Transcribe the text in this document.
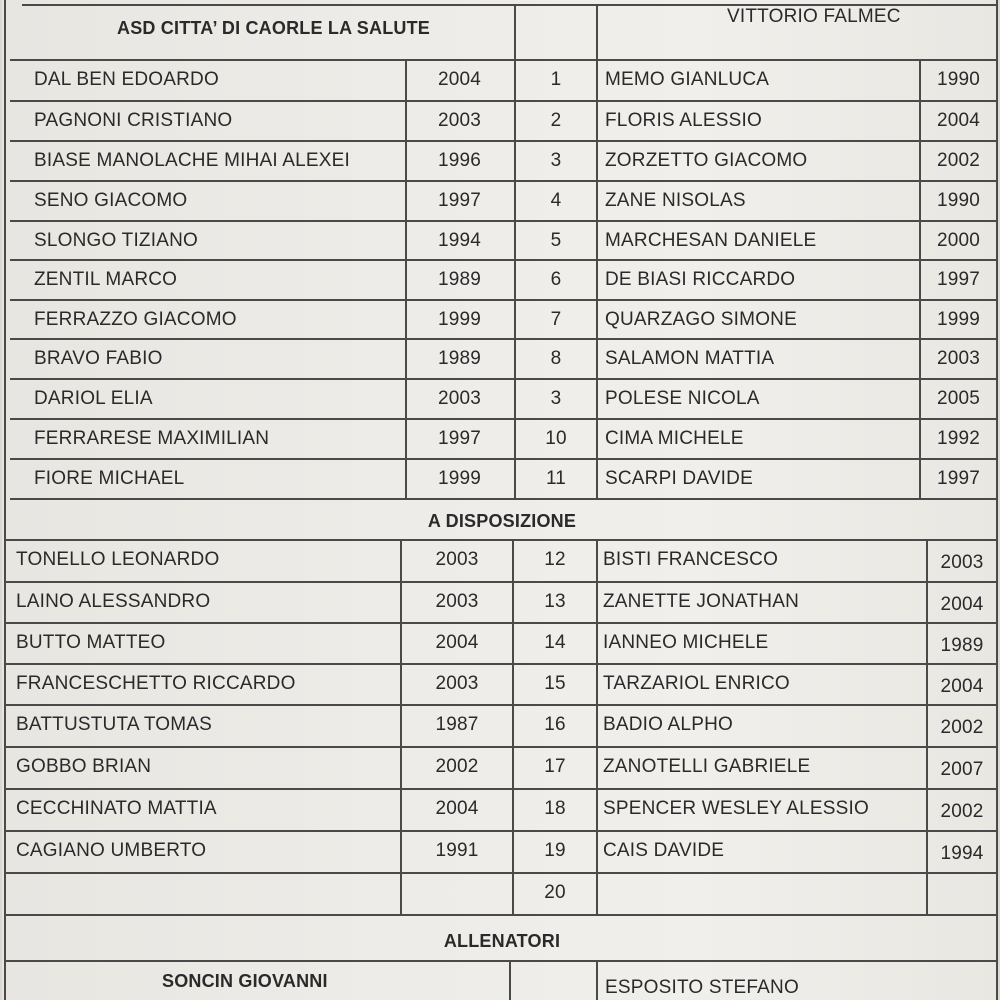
ASD CITTA’ DI CAORLE LA SALUTE
VITTORIO FALMEC
DAL BEN EDOARDO	2004	1	MEMO GIANLUCA	1990
PAGNONI CRISTIANO	2003	2	FLORIS ALESSIO	2004
BIASE MANOLACHE MIHAI ALEXEI	1996	3	ZORZETTO GIACOMO	2002
SENO GIACOMO	1997	4	ZANE NISOLAS	1990
SLONGO TIZIANO	1994	5	MARCHESAN DANIELE	2000
ZENTIL MARCO	1989	6	DE BIASI RICCARDO	1997
FERRAZZO GIACOMO	1999	7	QUARZAGO SIMONE	1999
BRAVO FABIO	1989	8	SALAMON MATTIA	2003
DARIOL ELIA	2003	3	POLESE NICOLA	2005
FERRARESE MAXIMILIAN	1997	10	CIMA MICHELE	1992
FIORE MICHAEL	1999	11	SCARPI DAVIDE	1997
A DISPOSIZIONE
TONELLO LEONARDO	2003	12	BISTI FRANCESCO	2003
LAINO ALESSANDRO	2003	13	ZANETTE JONATHAN	2004
BUTTO MATTEO	2004	14	IANNEO MICHELE	1989
FRANCESCHETTO RICCARDO	2003	15	TARZARIOL ENRICO	2004
BATTUSTUTA TOMAS	1987	16	BADIO ALPHO	2002
GOBBO BRIAN	2002	17	ZANOTELLI GABRIELE	2007
CECCHINATO MATTIA	2004	18	SPENCER WESLEY ALESSIO	2002
CAGIANO UMBERTO	1991	19	CAIS DAVIDE	1994
20
ALLENATORI
SONCIN GIOVANNI	ESPOSITO STEFANO
